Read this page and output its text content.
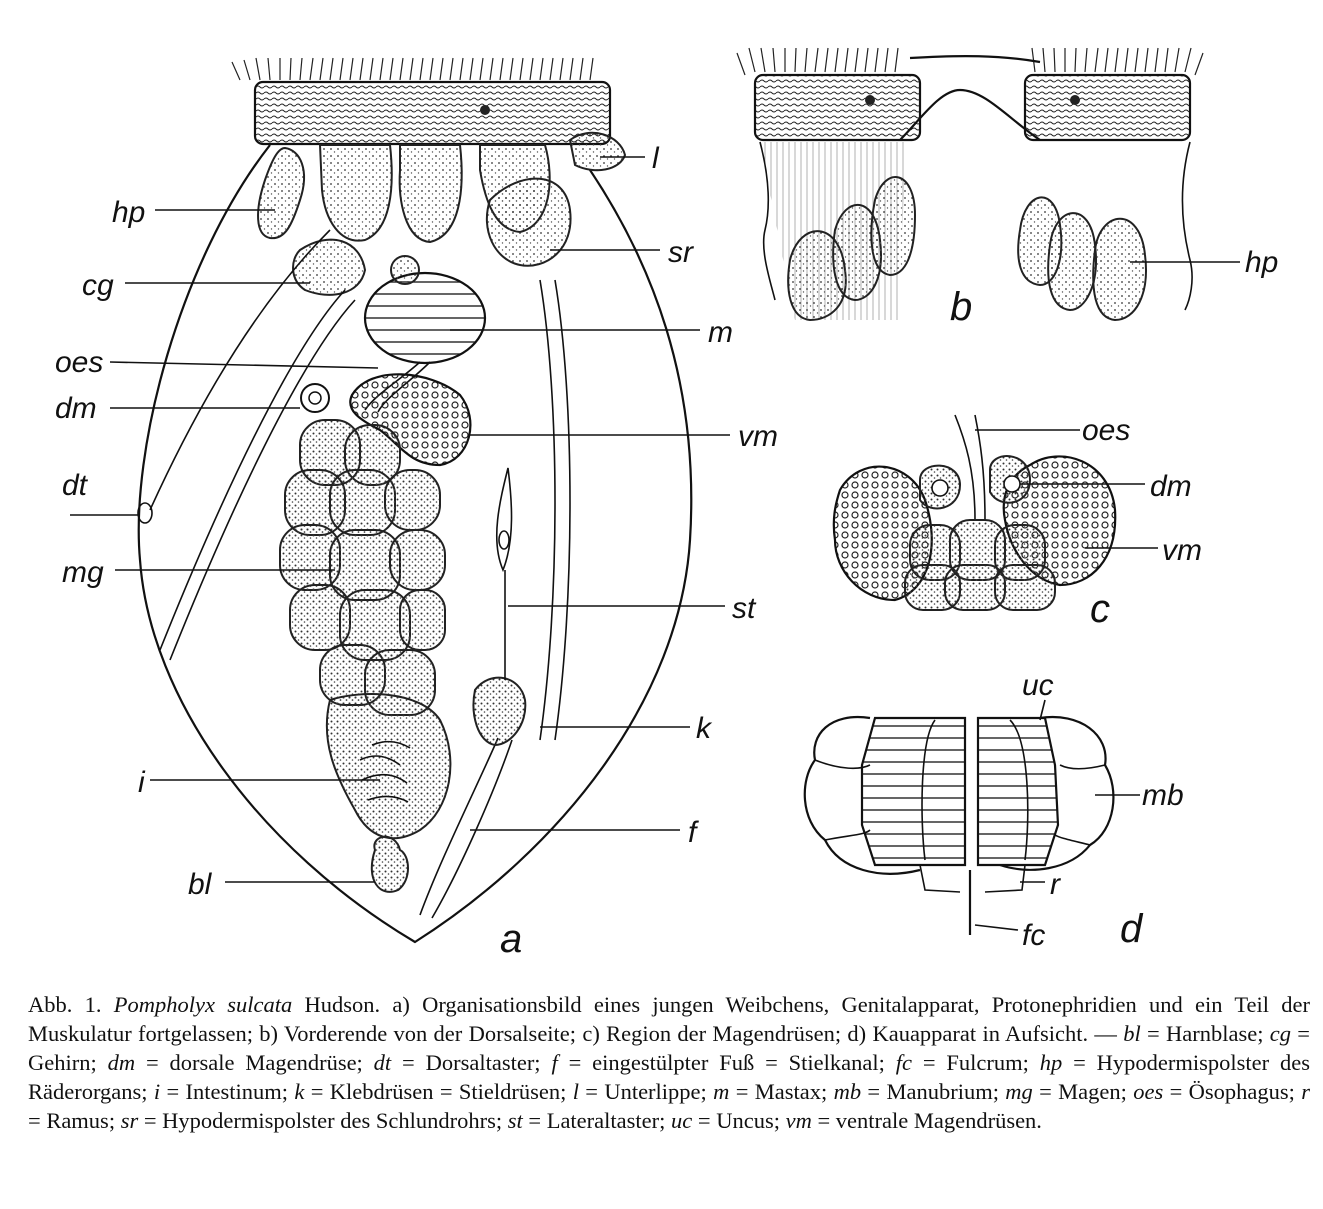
hp
cg
oes
dm
dt
mg
i
bl
l
sr
m
vm
st
k
f
a
hp
b
oes
dm
vm
c
uc
mb
r
fc d
Abb. 1. Pompholyx sulcata Hudson. a) Organisationsbild eines jungen Weibchens, Genitalapparat, Protonephridien und ein Teil der Muskulatur fortgelassen; b) Vorderende von der Dorsalseite; c) Region der Magendrüsen; d) Kauapparat in Aufsicht. — bl = Harnblase; cg = Gehirn; dm = dorsale Magendrüse; dt = Dorsaltaster; f = eingestülpter Fuß = Stielkanal; fc = Fulcrum; hp = Hypodermispolster des Räderorgans; i = Intestinum; k = Klebdrüsen = Stieldrüsen; l = Unterlippe; m = Mastax; mb = Manubrium; mg = Magen; oes = Ösophagus; r = Ramus; sr = Hypodermispolster des Schlundrohrs; st = Lateraltaster; uc = Uncus; vm = ventrale Magendrüsen.
